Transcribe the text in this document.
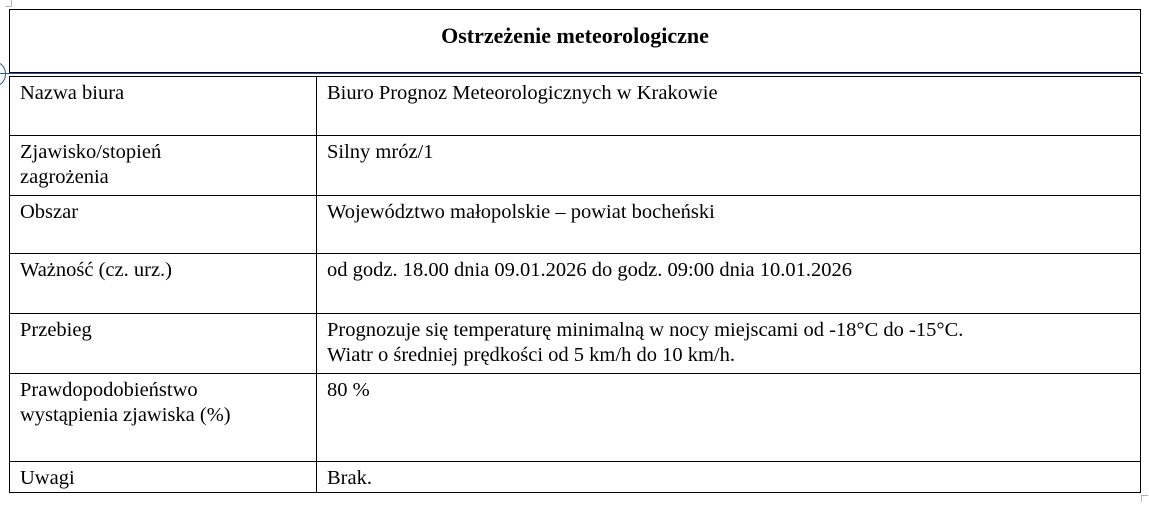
Ostrzeżenie meteorologiczne
Nazwa biura	Biuro Prognoz Meteorologicznych w Krakowie

Zjawisko/stopień
zagrożenia	Silny mróz/1

Obszar	Województwo małopolskie – powiat bocheński

Ważność (cz. urz.)	od godz. 18.00 dnia 09.01.2026 do godz. 09:00 dnia 10.01.2026

Przebieg	Prognozuje się temperaturę minimalną w nocy miejscami od -18°C do -15°C.
Wiatr o średniej prędkości od 5 km/h do 10 km/h.

Prawdopodobieństwo
wystąpienia zjawiska (%)	80 %

Uwagi	Brak.
